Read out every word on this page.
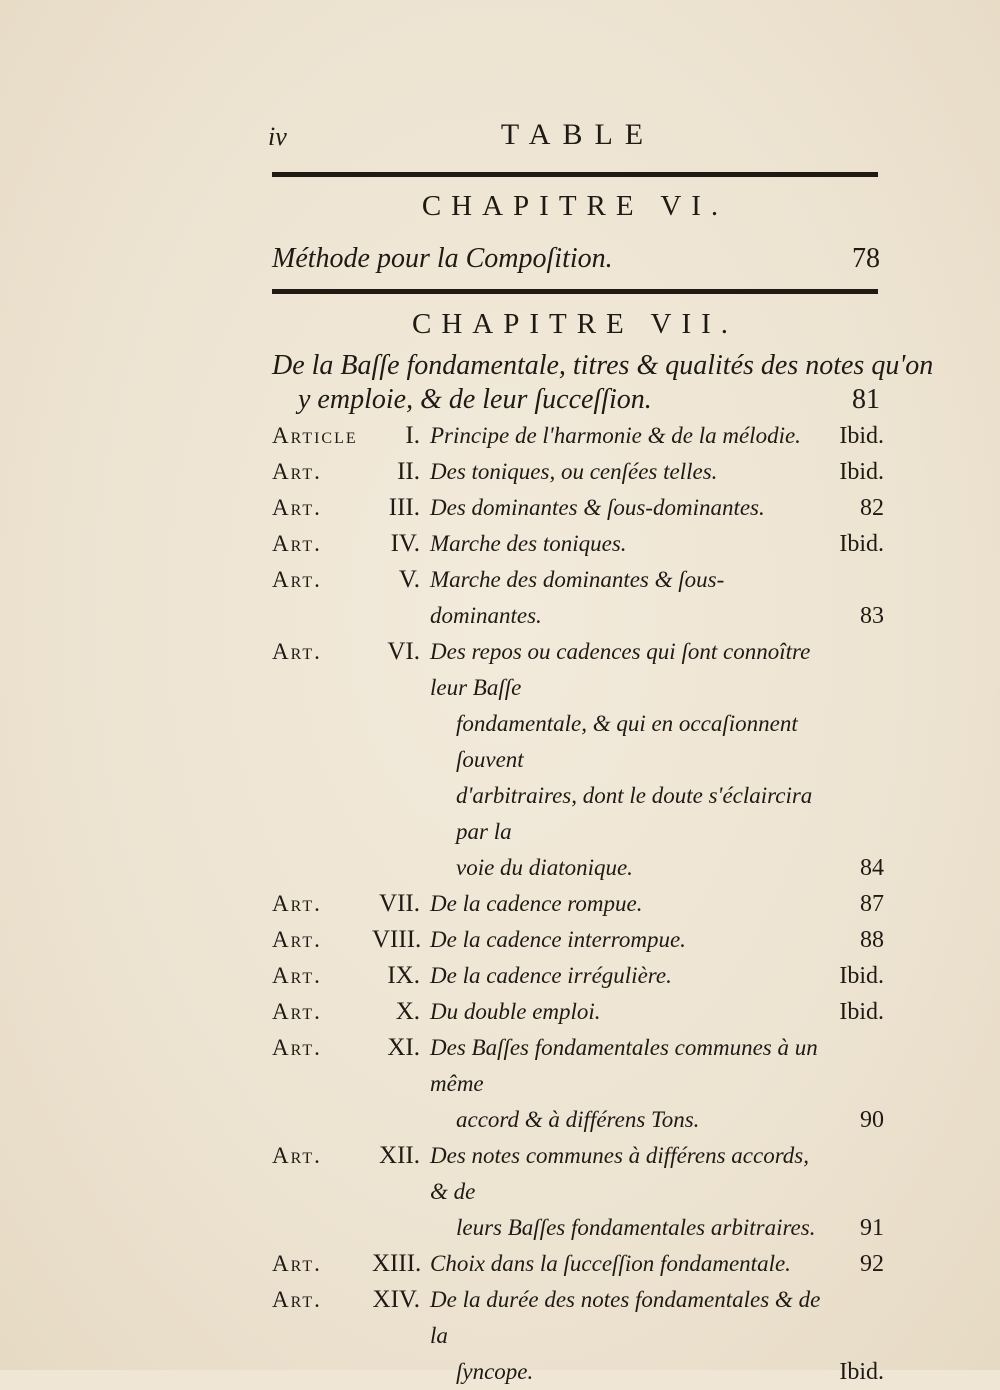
iv	TABLE
CHAPITRE VI.
Méthode pour la Compoſition.	78
CHAPITRE VII.
De la Baſſe fondamentale, titres & qualités des notes qu'on
y emploie, & de leur ſucceſſion.	81
Article	I. Principe de l'harmonie & de la mélodie.	Ibid.
Art.	II. Des toniques, ou cenſées telles.	Ibid.
Art.	III. Des dominantes & ſous-dominantes.	82
Art.	IV. Marche des toniques.	Ibid.
Art.	V. Marche des dominantes & ſous-dominantes.	83
Art.	VI. Des repos ou cadences qui ſont connoître leur Baſſe
fondamentale, & qui en occaſionnent ſouvent
d'arbitraires, dont le doute s'éclaircira par la
voie du diatonique.	84
Art.	VII. De la cadence rompue.	87
Art.	VIII. De la cadence interrompue.	88
Art.	IX. De la cadence irrégulière.	Ibid.
Art.	X. Du double emploi.	Ibid.
Art.	XI. Des Baſſes fondamentales communes à un même
accord & à différens Tons.	90
Art.	XII. Des notes communes à différens accords, & de
leurs Baſſes fondamentales arbitraires.	91
Art.	XIII. Choix dans la ſucceſſion fondamentale.	92
Art.	XIV. De la durée des notes fondamentales & de la
ſyncope.	Ibid.
